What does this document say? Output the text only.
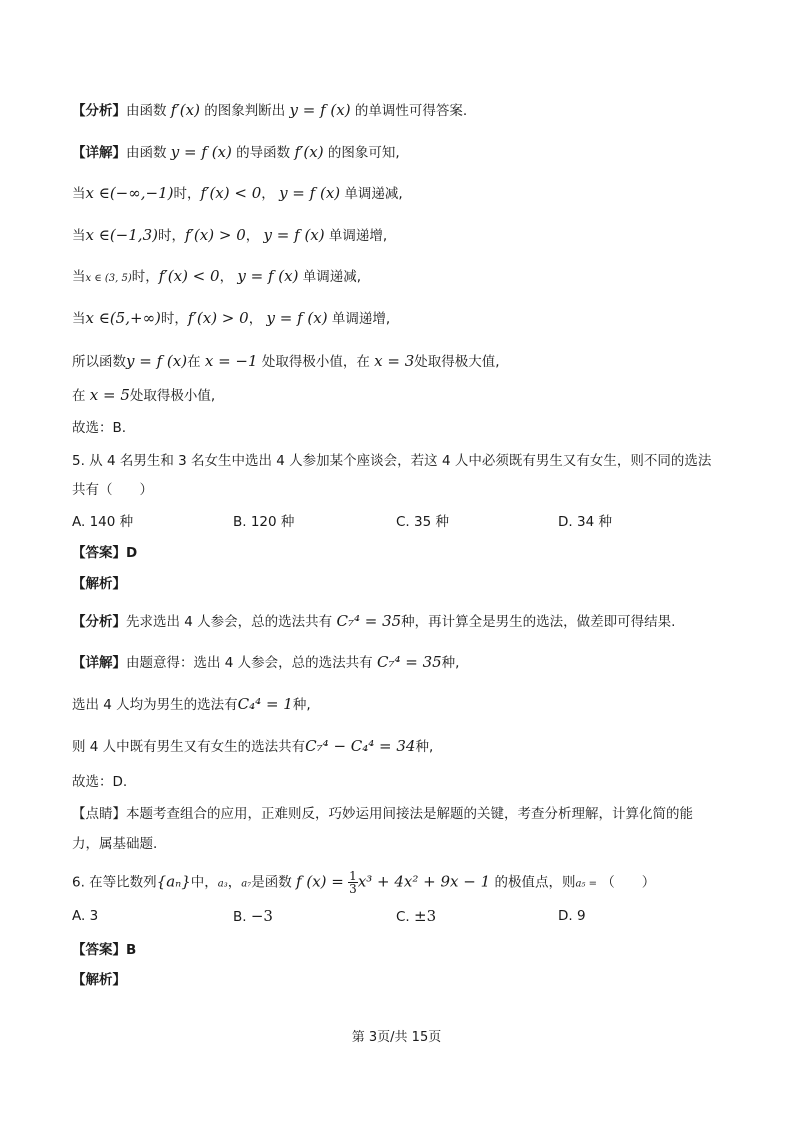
【分析】由函数 f′(x) 的图象判断出 y = f (x) 的单调性可得答案.
【详解】由函数 y = f (x) 的导函数 f′(x) 的图象可知,
当x ∈(−∞,−1)时，f′(x) < 0， y = f (x) 单调递减,
当x ∈(−1,3)时，f′(x) > 0， y = f (x) 单调递增,
当x ∈ (3, 5)时，f′(x) < 0， y = f (x) 单调递减,
当x ∈(5,+∞)时，f′(x) > 0， y = f (x) 单调递增,
所以函数y = f (x)在 x = −1 处取得极小值，在 x = 3处取得极大值,
在 x = 5处取得极小值,
故选：B.
5. 从 4 名男生和 3 名女生中选出 4 人参加某个座谈会，若这 4 人中必须既有男生又有女生，则不同的选法
共有（　　）
A. 140 种	B. 120 种	C. 35 种	D. 34 种
【答案】D
【解析】
【分析】先求选出 4 人参会，总的选法共有 C₇⁴ = 35种，再计算全是男生的选法，做差即可得结果.
【详解】由题意得：选出 4 人参会，总的选法共有 C₇⁴ = 35种,
选出 4 人均为男生的选法有C₄⁴ = 1种,
则 4 人中既有男生又有女生的选法共有C₇⁴ − C₄⁴ = 34种,
故选：D.
【点睛】本题考查组合的应用，正难则反，巧妙运用间接法是解题的关键，考查分析理解，计算化简的能
力，属基础题.
6. 在等比数列{aₙ}中，a₃，a₇是函数 f $(x) = \frac{1}{3} x^3 + 4x^2 + 9x - 1$ 的极值点，则a₅ = （　　）
A. 3	B. −3	C. ±3	D. 9
【答案】B
【解析】
第 3页/共 15页
